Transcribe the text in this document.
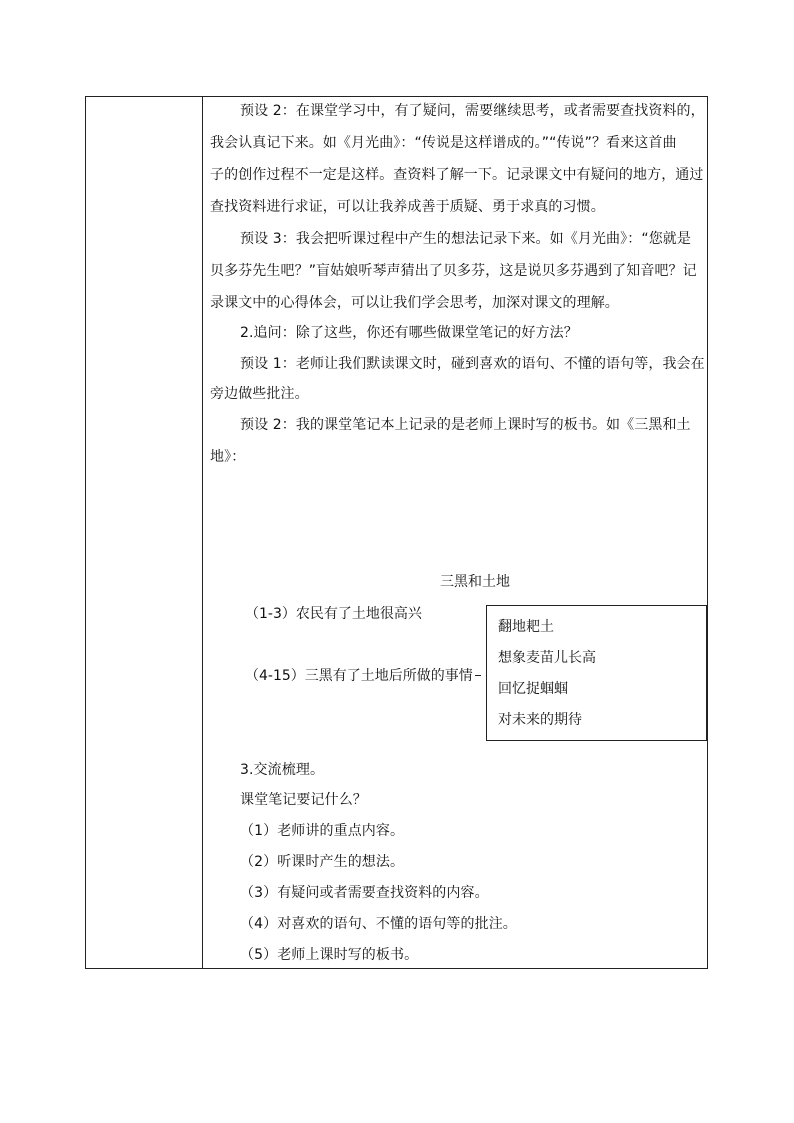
预设 2：在课堂学习中，有了疑问，需要继续思考，或者需要查找资料的，
我会认真记下来。如《月光曲》：“传说是这样谱成的。”“传说”？看来这首曲
子的创作过程不一定是这样。查资料了解一下。记录课文中有疑问的地方，通过
查找资料进行求证，可以让我养成善于质疑、勇于求真的习惯。
预设 3：我会把听课过程中产生的想法记录下来。如《月光曲》：“您就是
贝多芬先生吧？”盲姑娘听琴声猜出了贝多芬，这是说贝多芬遇到了知音吧？记
录课文中的心得体会，可以让我们学会思考，加深对课文的理解。
2.追问：除了这些，你还有哪些做课堂笔记的好方法？
预设 1：老师让我们默读课文时，碰到喜欢的语句、不懂的语句等，我会在
旁边做些批注。
预设 2：我的课堂笔记本上记录的是老师上课时写的板书。如《三黑和土
地》：
三黑和土地
（1-3）农民有了土地很高兴
（4-15）三黑有了土地后所做的事情
翻地耙土
想象麦苗儿长高
回忆捉蝈蝈
对未来的期待
3.交流梳理。
课堂笔记要记什么？
（1）老师讲的重点内容。
（2）听课时产生的想法。
（3）有疑问或者需要查找资料的内容。
（4）对喜欢的语句、不懂的语句等的批注。
（5）老师上课时写的板书。
